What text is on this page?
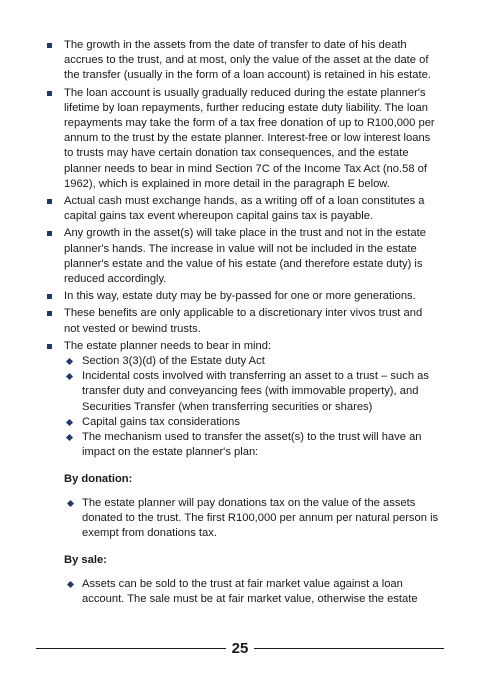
The growth in the assets from the date of transfer to date of his death accrues to the trust, and at most, only the value of the asset at the date of the transfer (usually in the form of a loan account) is retained in his estate.
The loan account is usually gradually reduced during the estate planner's lifetime by loan repayments, further reducing estate duty liability. The loan repayments may take the form of a tax free donation of up to R100,000 per annum to the trust by the estate planner. Interest-free or low interest loans to trusts may have certain donation tax consequences, and the estate planner needs to bear in mind Section 7C of the Income Tax Act (no.58 of 1962), which is explained in more detail in the paragraph E below.
Actual cash must exchange hands, as a writing off of a loan constitutes a capital gains tax event whereupon capital gains tax is payable.
Any growth in the asset(s) will take place in the trust and not in the estate planner's hands. The increase in value will not be included in the estate planner's estate and the value of his estate (and therefore estate duty) is reduced accordingly.
In this way, estate duty may be by-passed for one or more generations.
These benefits are only applicable to a discretionary inter vivos trust and not vested or bewind trusts.
The estate planner needs to bear in mind:
Section 3(3)(d) of the Estate duty Act
Incidental costs involved with transferring an asset to a trust – such as transfer duty and conveyancing fees (with immovable property), and Securities Transfer (when transferring securities or shares)
Capital gains tax considerations
The mechanism used to transfer the asset(s) to the trust will have an impact on the estate planner's plan:
By donation:
The estate planner will pay donations tax on the value of the assets donated to the trust. The first R100,000 per annum per natural person is exempt from donations tax.
By sale:
Assets can be sold to the trust at fair market value against a loan account. The sale must be at fair market value, otherwise the estate
25
